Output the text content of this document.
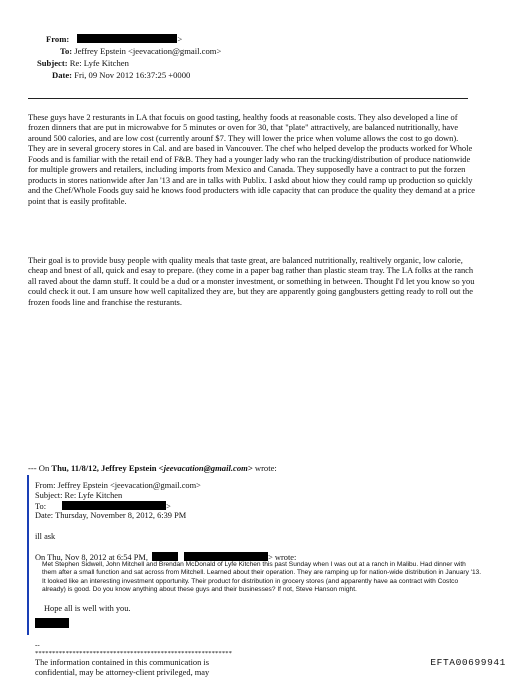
From:	>
To: Jeffrey Epstein <jeevacation@gmail.com>
Subject: Re: Lyfe Kitchen
Date: Fri, 09 Nov 2012 16:37:25 +0000

These guys have 2 resturants in LA that focuis on good tasting, healthy foods at reasonable costs. They also developed a line of frozen dinners that are put in microwabve for 5 minutes or oven for 30, that "plate" attractively, are balanced nutritionally, have around 500 calories, and are low cost (currently arounf $7. They will lower the price when volume allows the cost to go down).

They are in several grocery stores in Cal. and are based in Vancouver. The chef who helped develop the products worked for Whole Foods and is familiar with the retail end of F&B. They had a younger lady who ran the trucking/distribution of produce nationwide for multiple growers and retailers, including imports from Mexico and Canada. They supposedly have a contract to put the forzen products in stores nationwide after Jan '13 and are in talks with Publix. I askd about hiow they could ramp up production so quickly and the Chef/Whole Foods guy said he knows food producters with idle capacity that can produce the quality they demand at a price point that is easily profitable.

Their goal is to provide busy people with quality meals that taste great, are balanced nutritionally, realtively organic, low calorie, cheap and bnest of all, quick and esay to prepare. (they come in a paper bag rather than plastic steam tray. The LA folks at the ranch all raved about the damn stuff. It could be a dud or a monster investment, or something in between. Thought I'd let you know so you could check it out. I am unsure how well capitalized they are, but they are apparently going gangbusters getting ready to roll out the frozen foods line and franchise the resturants.

--- On Thu, 11/8/12, Jeffrey Epstein <jeevacation@gmail.com> wrote:
From: Jeffrey Epstein <jeevacation@gmail.com>
Subject: Re: Lyfe Kitchen
To:	>
Date: Thursday, November 8, 2012, 6:39 PM
ill ask
On Thu, Nov 8, 2012 at 6:54 PM,	> wrote:
Met Stephen Sidwell, John Mitchell and Brendan McDonald of Lyfe Kitchen this past Sunday when I was out at a ranch in Malibu. Had dinner with them after a small function and sat across from Mitchell. Learned about their operation. They are ramping up for nation-wide distribution in January '13. It looked like an interesting investment opportunity. Their product for distribution in grocery stores (and apparently have aa contract with Costco already) is good. Do you know anything about these guys and their businesses? If not, Steve Hanson might.
Hope all is well with you.
--
**********************************************************
The information contained in this communication is
confidential, may be attorney-client privileged, may
EFTA00699941
